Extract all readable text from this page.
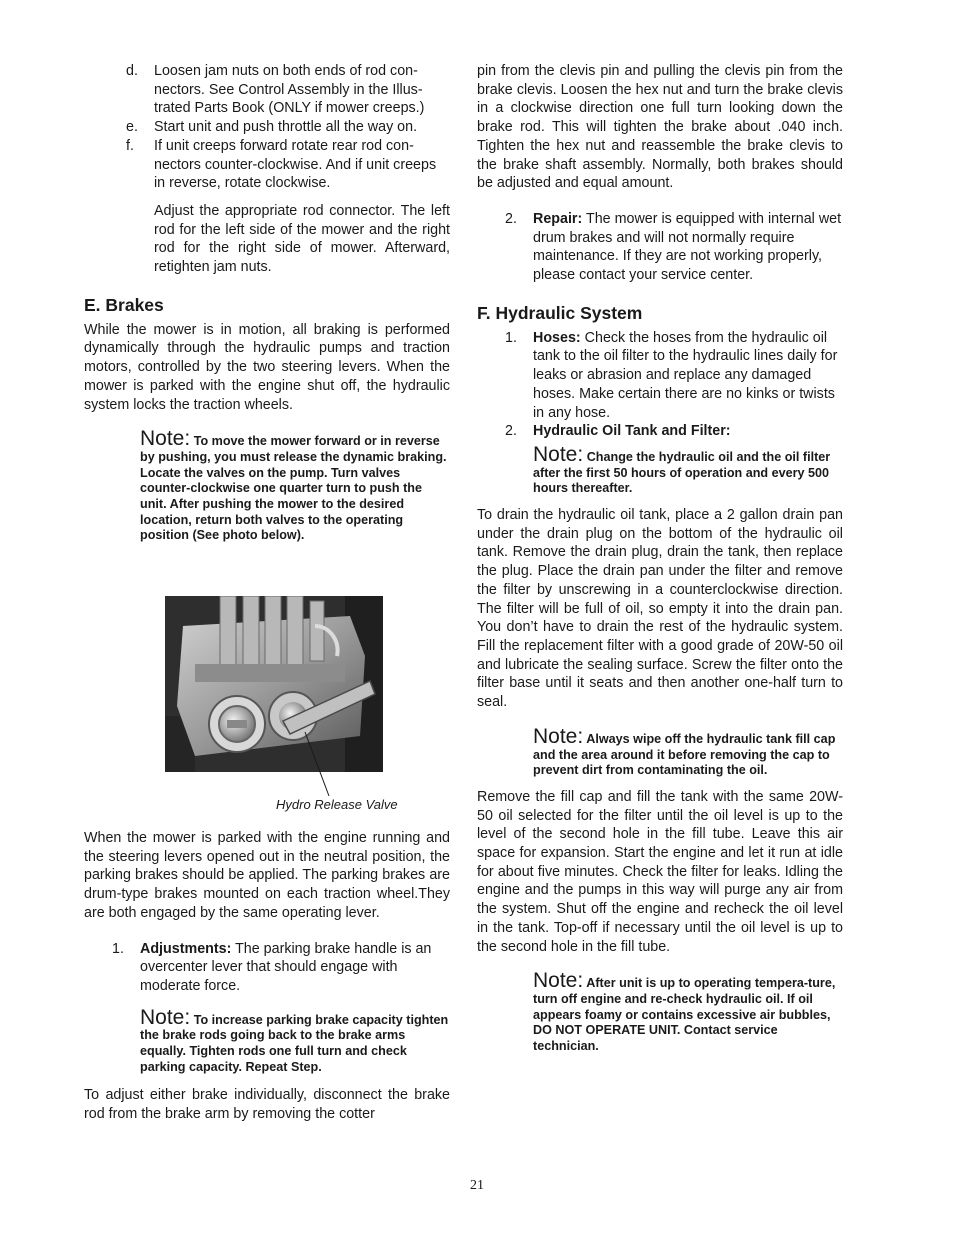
d. Loosen jam nuts on both ends of rod con-nectors. See Control Assembly in the Illus-trated Parts Book (ONLY if mower creeps.)
e. Start unit and push throttle all the way on.
f. If unit creeps forward rotate rear rod con-nectors counter-clockwise. And if unit creeps in reverse, rotate clockwise.

Adjust the appropriate rod connector. The left rod for the left side of the mower and the right rod for the right side of mower. Afterward, retighten jam nuts.

E. Brakes

While the mower is in motion, all braking is performed dynamically through the hydraulic pumps and traction motors, controlled by the two steering levers. When the mower is parked with the engine shut off, the hydraulic system locks the traction wheels.

Note: To move the mower forward or in reverse by pushing, you must release the dynamic braking. Locate the valves on the pump. Turn valves counter-clockwise one quarter turn to push the unit. After pushing the mower to the desired location, return both valves to the operating position (See photo below).
Hydro Release Valve

When the mower is parked with the engine running and the steering levers opened out in the neutral position, the parking brakes should be applied. The parking brakes are drum-type brakes mounted on each traction wheel.They are both engaged by the same operating lever.

1. Adjustments: The parking brake handle is an overcenter lever that should engage with moderate force.
Note: To increase parking brake capacity tighten the brake rods going back to the brake arms equally. Tighten rods one full turn and check parking capacity. Repeat Step.

To adjust either brake individually, disconnect the brake rod from the brake arm by removing the cotter

pin from the clevis pin and pulling the clevis pin from the brake clevis. Loosen the hex nut and turn the brake clevis in a clockwise direction one full turn looking down the brake rod. This will tighten the brake about .040 inch. Tighten the hex nut and reassemble the brake clevis to the brake shaft assembly. Normally, both brakes should be adjusted and equal amount.

2. Repair: The mower is equipped with internal wet drum brakes and will not normally require maintenance. If they are not working properly, please contact your service center.
F. Hydraulic System
1. Hoses: Check the hoses from the hydraulic oil tank to the oil filter to the hydraulic lines daily for leaks or abrasion and replace any damaged hoses. Make certain there are no kinks or twists in any hose.
2. Hydraulic Oil Tank and Filter:
Note: Change the hydraulic oil and the oil filter after the first 50 hours of operation and every 500 hours thereafter.

To drain the hydraulic oil tank, place a 2 gallon drain pan under the drain plug on the bottom of the hydraulic oil tank. Remove the drain plug, drain the tank, then replace the plug. Place the drain pan under the filter and remove the filter by unscrewing in a counterclockwise direction. The filter will be full of oil, so empty it into the drain pan. You don’t have to drain the rest of the hydraulic system. Fill the replacement filter with a good grade of 20W-50 oil and lubricate the sealing surface. Screw the filter onto the filter base until it seats and then another one-half turn to seal.

Note: Always wipe off the hydraulic tank fill cap and the area around it before removing the cap to prevent dirt from contaminating the oil.

Remove the fill cap and fill the tank with the same 20W-50 oil selected for the filter until the oil level is up to the level of the second hole in the fill tube. Leave this air space for expansion. Start the engine and let it run at idle for about five minutes. Check the filter for leaks. Idling the engine and the pumps in this way will purge any air from the system. Shut off the engine and recheck the oil level in the tank. Top-off if necessary until the oil level is up to the second hole in the fill tube.

Note: After unit is up to operating tempera-ture, turn off engine and re-check hydraulic oil. If oil appears foamy or contains excessive air bubbles, DO NOT OPERATE UNIT. Contact service technician.
21
